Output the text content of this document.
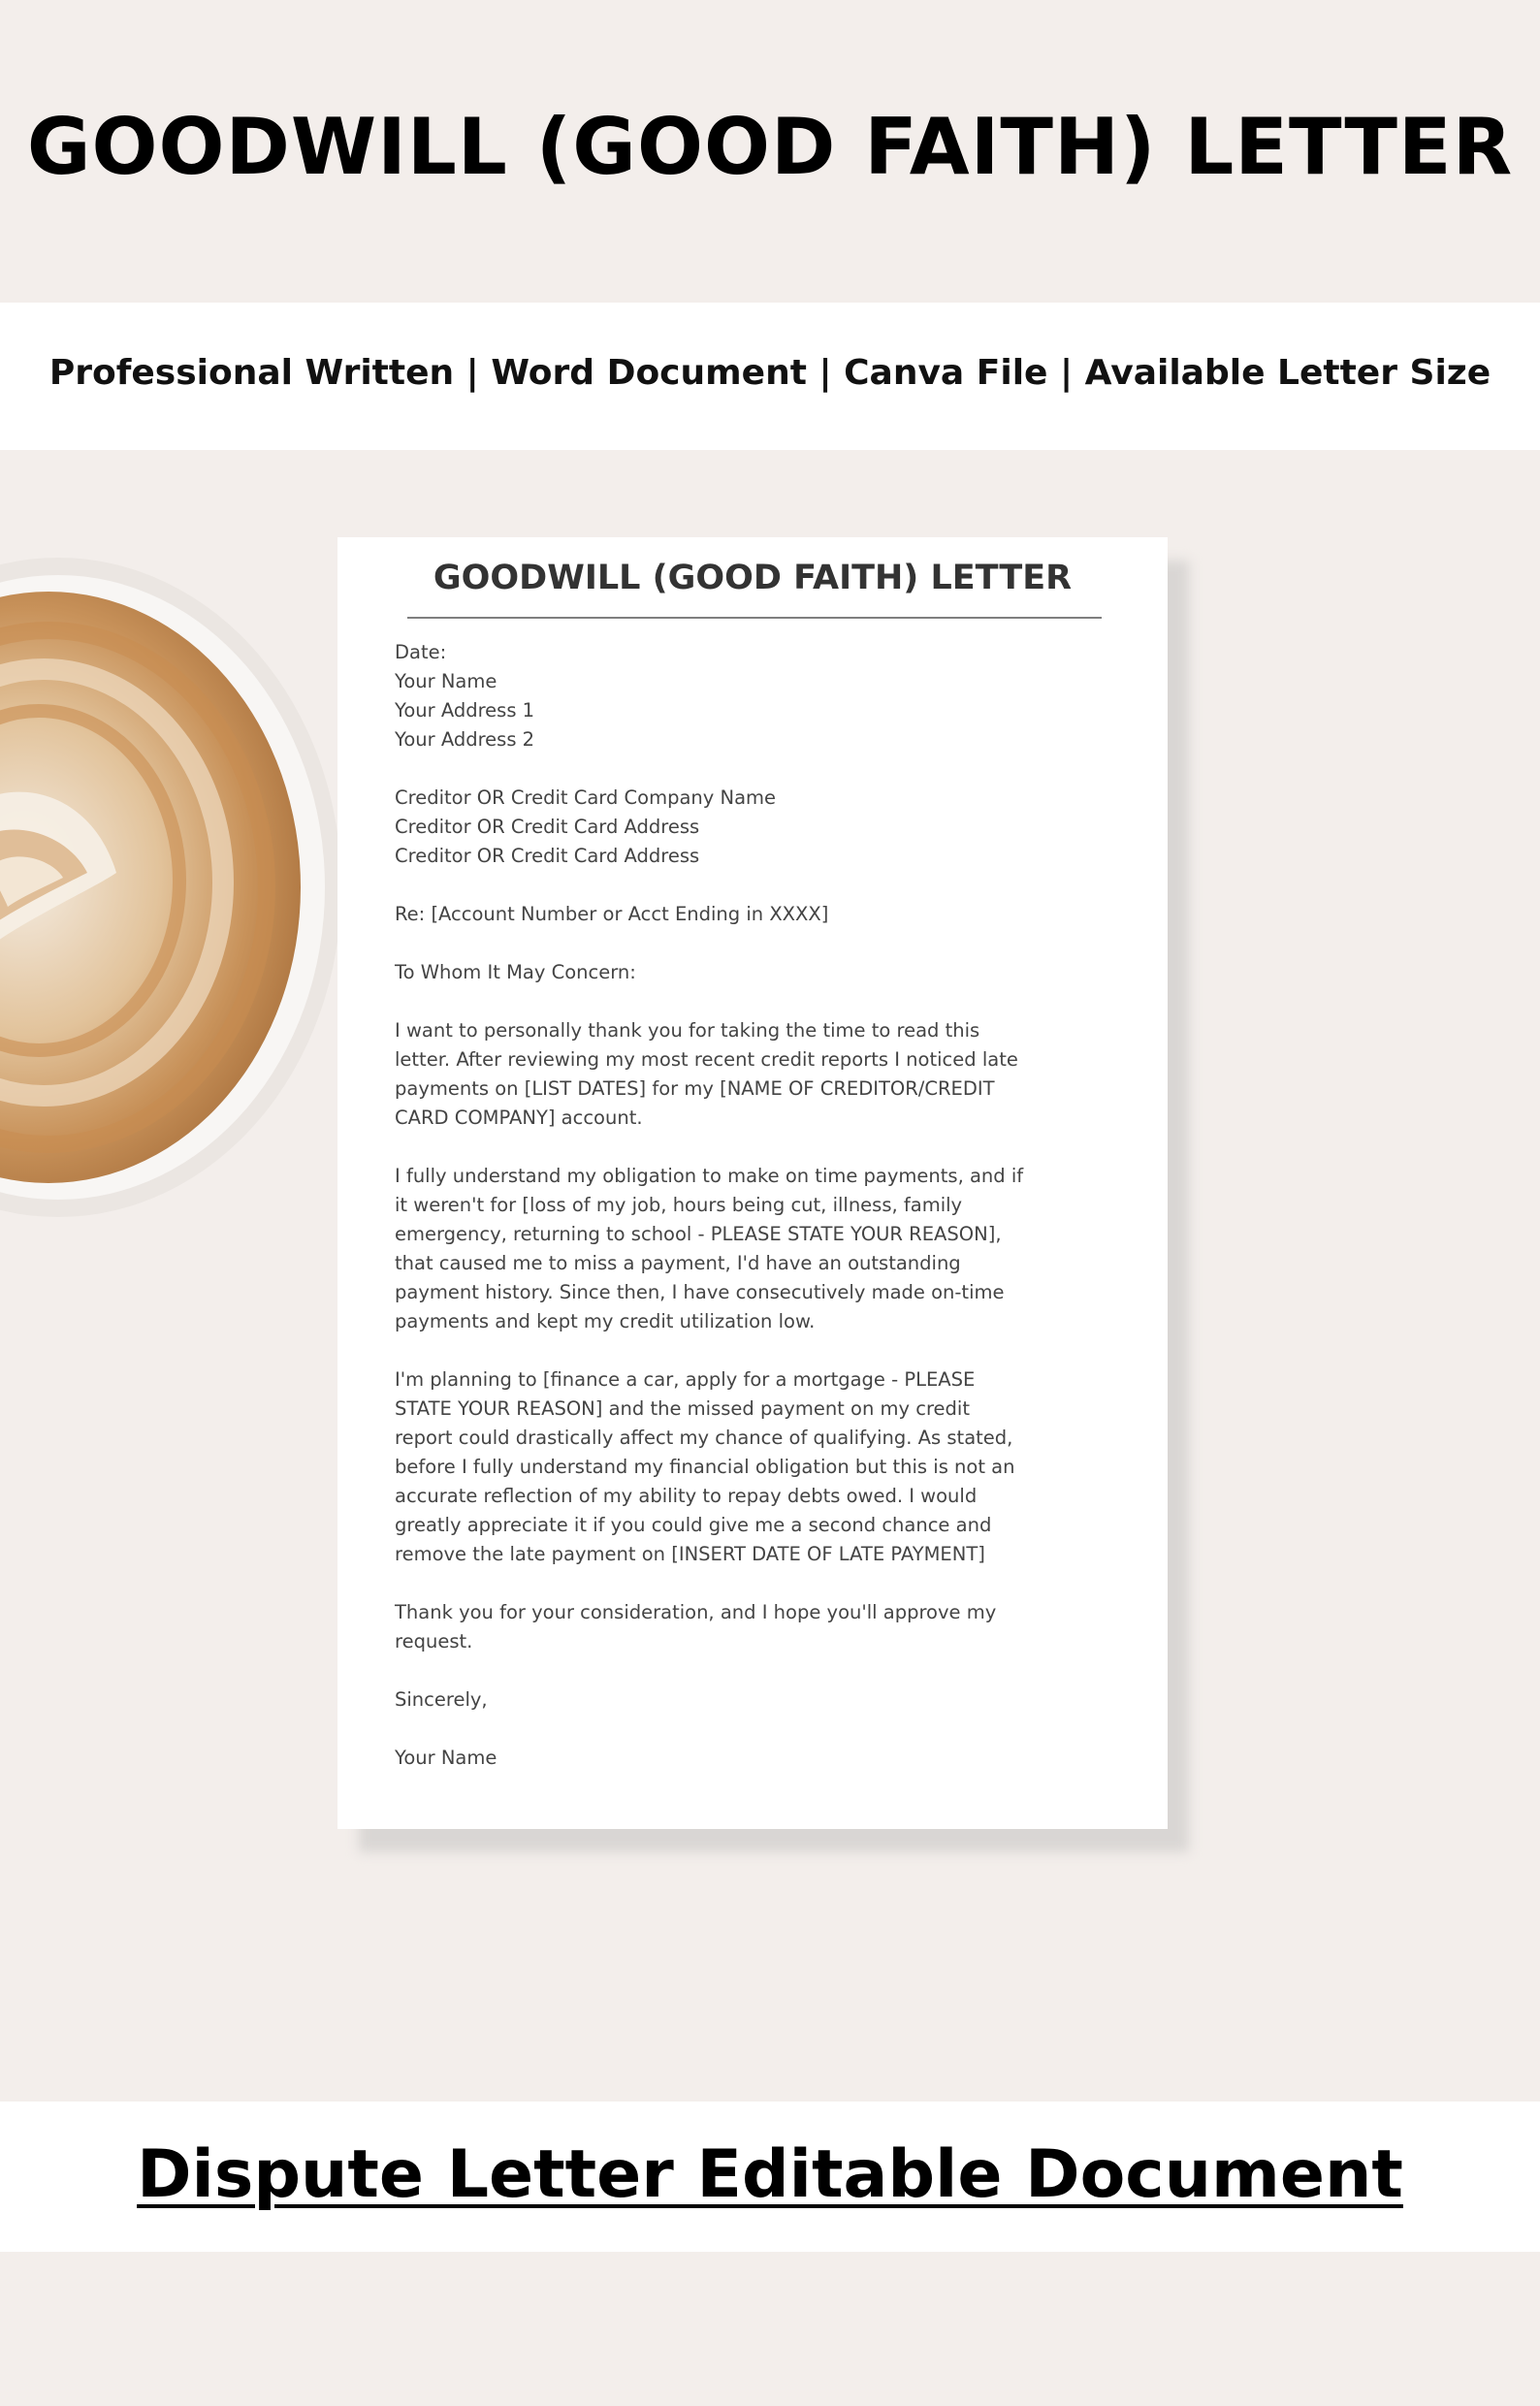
GOODWILL (GOOD FAITH) LETTER
Professional Written | Word Document | Canva File | Available Letter Size
GOODWILL (GOOD FAITH) LETTER
Date:
Your Name
Your Address 1
Your Address 2
Creditor OR Credit Card Company Name
Creditor OR Credit Card Address
Creditor OR Credit Card Address
Re: [Account Number or Acct Ending in XXXX]
To Whom It May Concern:
I want to personally thank you for taking the time to read this
letter. After reviewing my most recent credit reports I noticed late
payments on [LIST DATES] for my [NAME OF CREDITOR/CREDIT
CARD COMPANY] account.
I fully understand my obligation to make on time payments, and if
it weren't for [loss of my job, hours being cut, illness, family
emergency, returning to school - PLEASE STATE YOUR REASON],
that caused me to miss a payment, I'd have an outstanding
payment history. Since then, I have consecutively made on-time
payments and kept my credit utilization low.
I'm planning to [finance a car, apply for a mortgage - PLEASE
STATE YOUR REASON] and the missed payment on my credit
report could drastically affect my chance of qualifying. As stated,
before I fully understand my financial obligation but this is not an
accurate reflection of my ability to repay debts owed. I would
greatly appreciate it if you could give me a second chance and
remove the late payment on [INSERT DATE OF LATE PAYMENT]
Thank you for your consideration, and I hope you'll approve my
request.
Sincerely,
Your Name
Dispute Letter Editable Document
